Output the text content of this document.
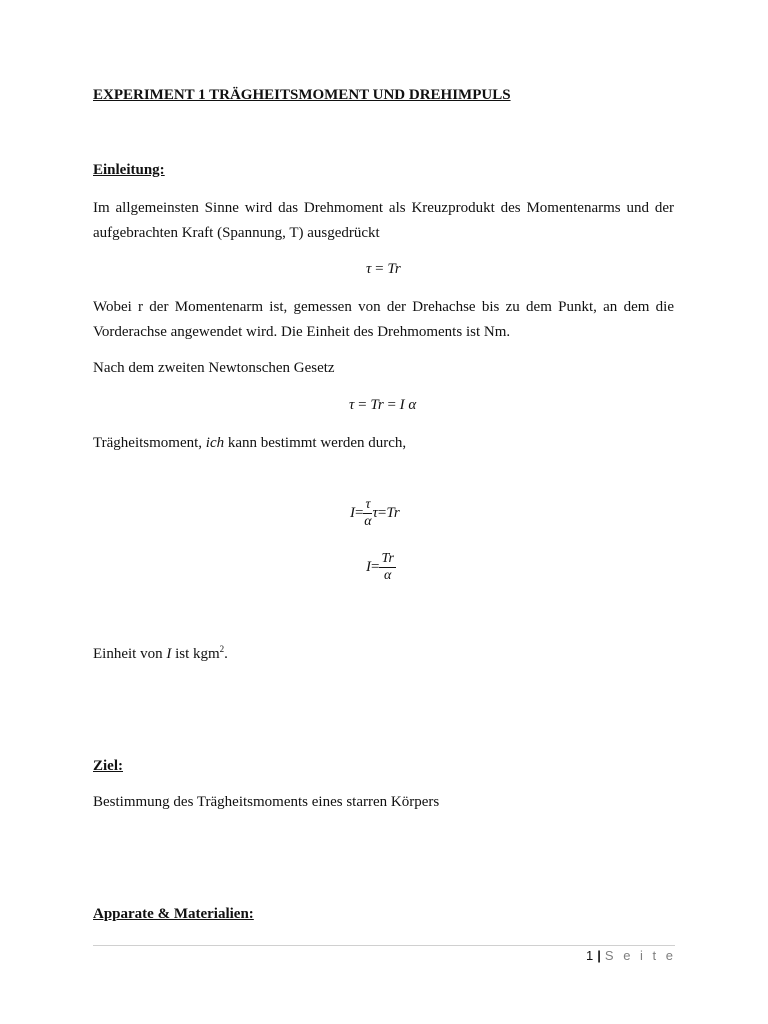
EXPERIMENT 1 TRÄGHEITSMOMENT UND DREHIMPULS
Einleitung:
Im allgemeinsten Sinne wird das Drehmoment als Kreuzprodukt des Momentenarms und der aufgebrachten Kraft (Spannung, T) ausgedrückt
τ = Tr
Wobei r der Momentenarm ist, gemessen von der Drehachse bis zu dem Punkt, an dem die Vorderachse angewendet wird. Die Einheit des Drehmoments ist Nm.
Nach dem zweiten Newtonschen Gesetz
τ = Tr = I α
Trägheitsmoment, ich kann bestimmt werden durch,
$I= \frac{\tau}{\alpha} \tau=Tr$
$I= \frac{Tr}{\alpha}$
Einheit von I ist kgm$^2$.
Ziel:
Bestimmung des Trägheitsmoments eines starren Körpers
Apparate & Materialien:
1 | S e i t e
